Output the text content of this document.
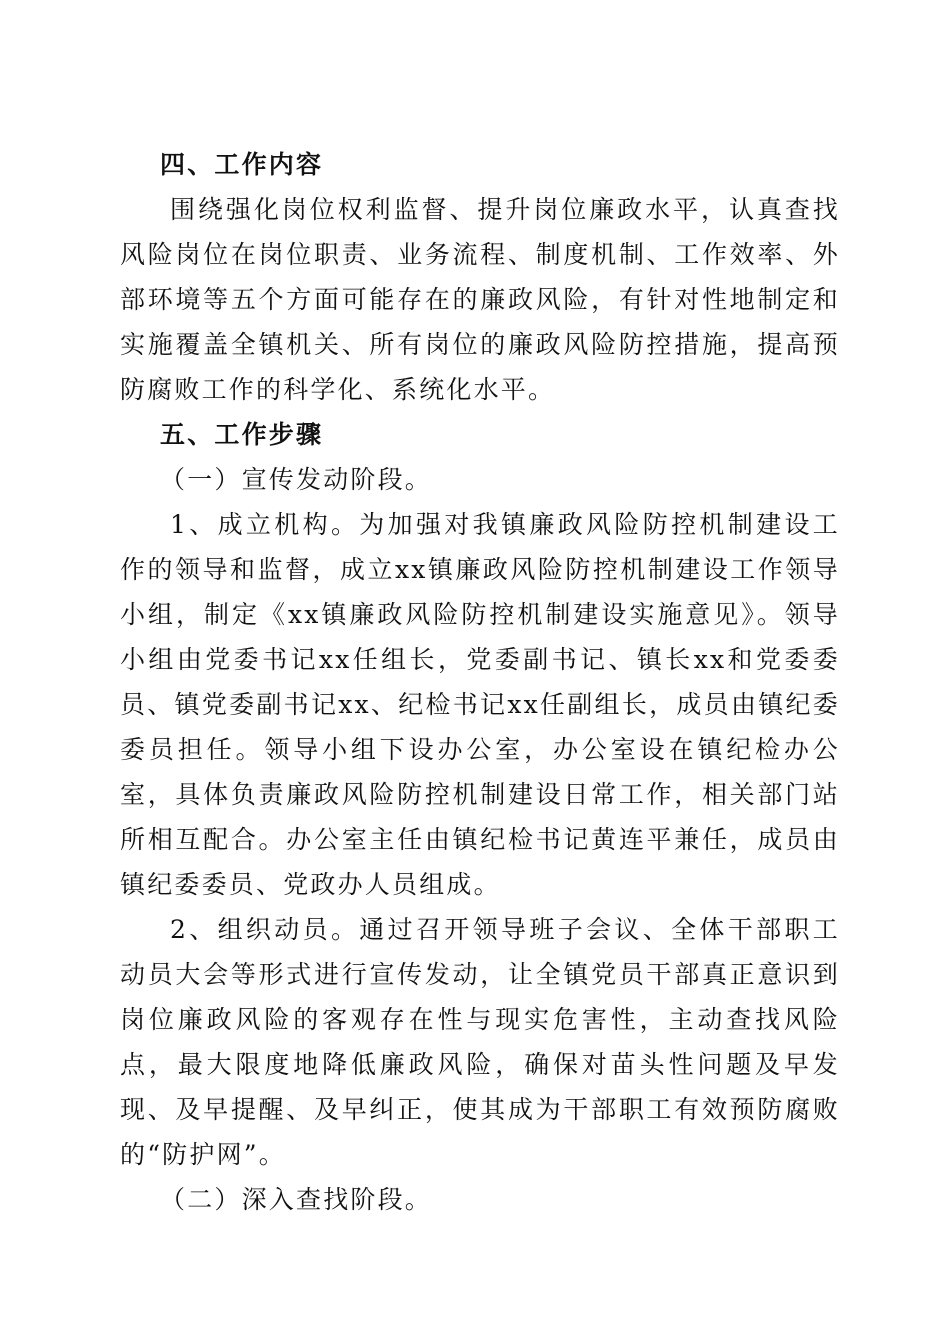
四、工作内容

围绕强化岗位权利监督、提升岗位廉政水平，认真查找风险岗位在岗位职责、业务流程、制度机制、工作效率、外部环境等五个方面可能存在的廉政风险，有针对性地制定和实施覆盖全镇机关、所有岗位的廉政风险防控措施，提高预防腐败工作的科学化、系统化水平。

五、工作步骤

（一）宣传发动阶段。

1、成立机构。为加强对我镇廉政风险防控机制建设工作的领导和监督，成立xx镇廉政风险防控机制建设工作领导小组，制定《xx镇廉政风险防控机制建设实施意见》。领导小组由党委书记xx任组长，党委副书记、镇长xx和党委委员、镇党委副书记xx、纪检书记xx任副组长，成员由镇纪委委员担任。领导小组下设办公室，办公室设在镇纪检办公室，具体负责廉政风险防控机制建设日常工作，相关部门站所相互配合。办公室主任由镇纪检书记黄连平兼任，成员由镇纪委委员、党政办人员组成。

2、组织动员。通过召开领导班子会议、全体干部职工动员大会等形式进行宣传发动，让全镇党员干部真正意识到岗位廉政风险的客观存在性与现实危害性，主动查找风险点，最大限度地降低廉政风险，确保对苗头性问题及早发现、及早提醒、及早纠正，使其成为干部职工有效预防腐败的“防护网”。

（二）深入查找阶段。
